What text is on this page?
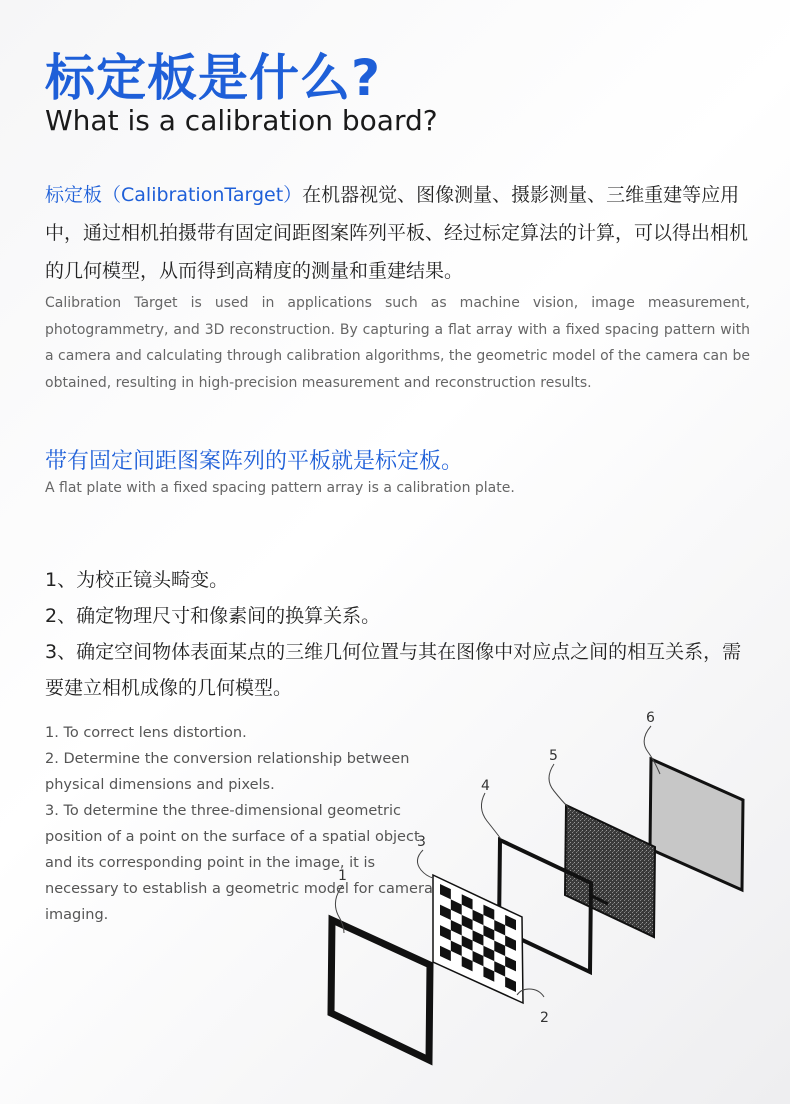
标定板是什么?
What is a calibration board?
标定板（CalibrationTarget）在机器视觉、图像测量、摄影测量、三维重建等应用中，通过相机拍摄带有固定间距图案阵列平板、经过标定算法的计算，可以得出相机的几何模型，从而得到高精度的测量和重建结果。
Calibration Target is used in applications such as machine vision, image measurement, photogrammetry, and 3D reconstruction. By capturing a flat array with a fixed spacing pattern with a camera and calculating through calibration algorithms, the geometric model of the camera can be obtained, resulting in high-precision measurement and reconstruction results.
带有固定间距图案阵列的平板就是标定板。
A flat plate with a fixed spacing pattern array is a calibration plate.
1、为校正镜头畸变。
2、确定物理尺寸和像素间的换算关系。
3、确定空间物体表面某点的三维几何位置与其在图像中对应点之间的相互关系，需要建立相机成像的几何模型。
1. To correct lens distortion.
2. Determine the conversion relationship between physical dimensions and pixels.
3. To determine the three-dimensional geometric position of a point on the surface of a spatial object and its corresponding point in the image, it is necessary to establish a geometric model for camera imaging.
1
2
3
4
5
6
